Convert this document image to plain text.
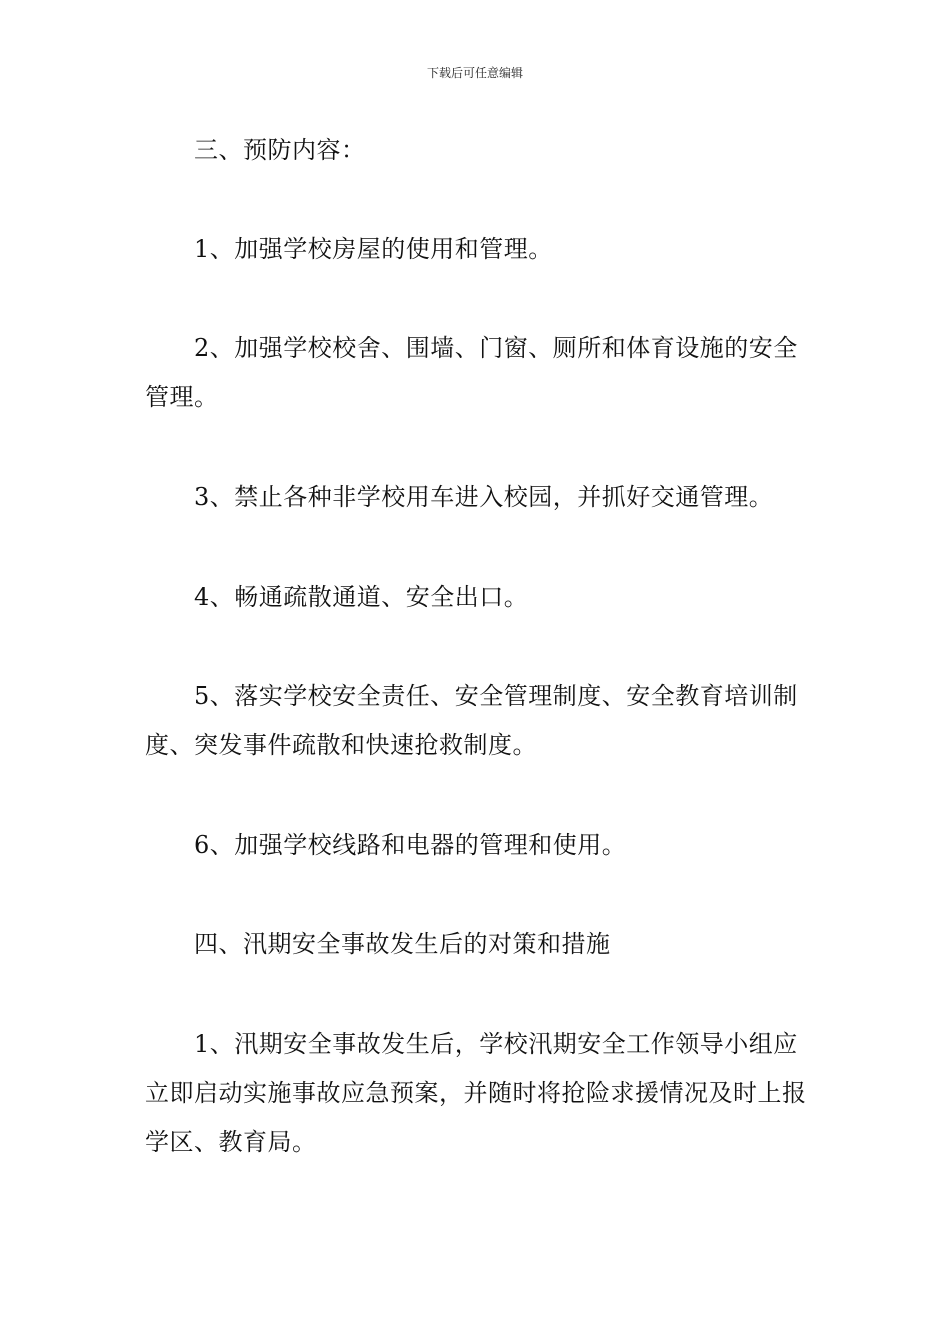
下载后可任意编辑

三、预防内容：

1、加强学校房屋的使用和管理。

2、加强学校校舍、围墙、门窗、厕所和体育设施的安全管理。

3、禁止各种非学校用车进入校园，并抓好交通管理。

4、畅通疏散通道、安全出口。

5、落实学校安全责任、安全管理制度、安全教育培训制度、突发事件疏散和快速抢救制度。

6、加强学校线路和电器的管理和使用。

四、汛期安全事故发生后的对策和措施

1、汛期安全事故发生后，学校汛期安全工作领导小组应立即启动实施事故应急预案，并随时将抢险求援情况及时上报学区、教育局。
